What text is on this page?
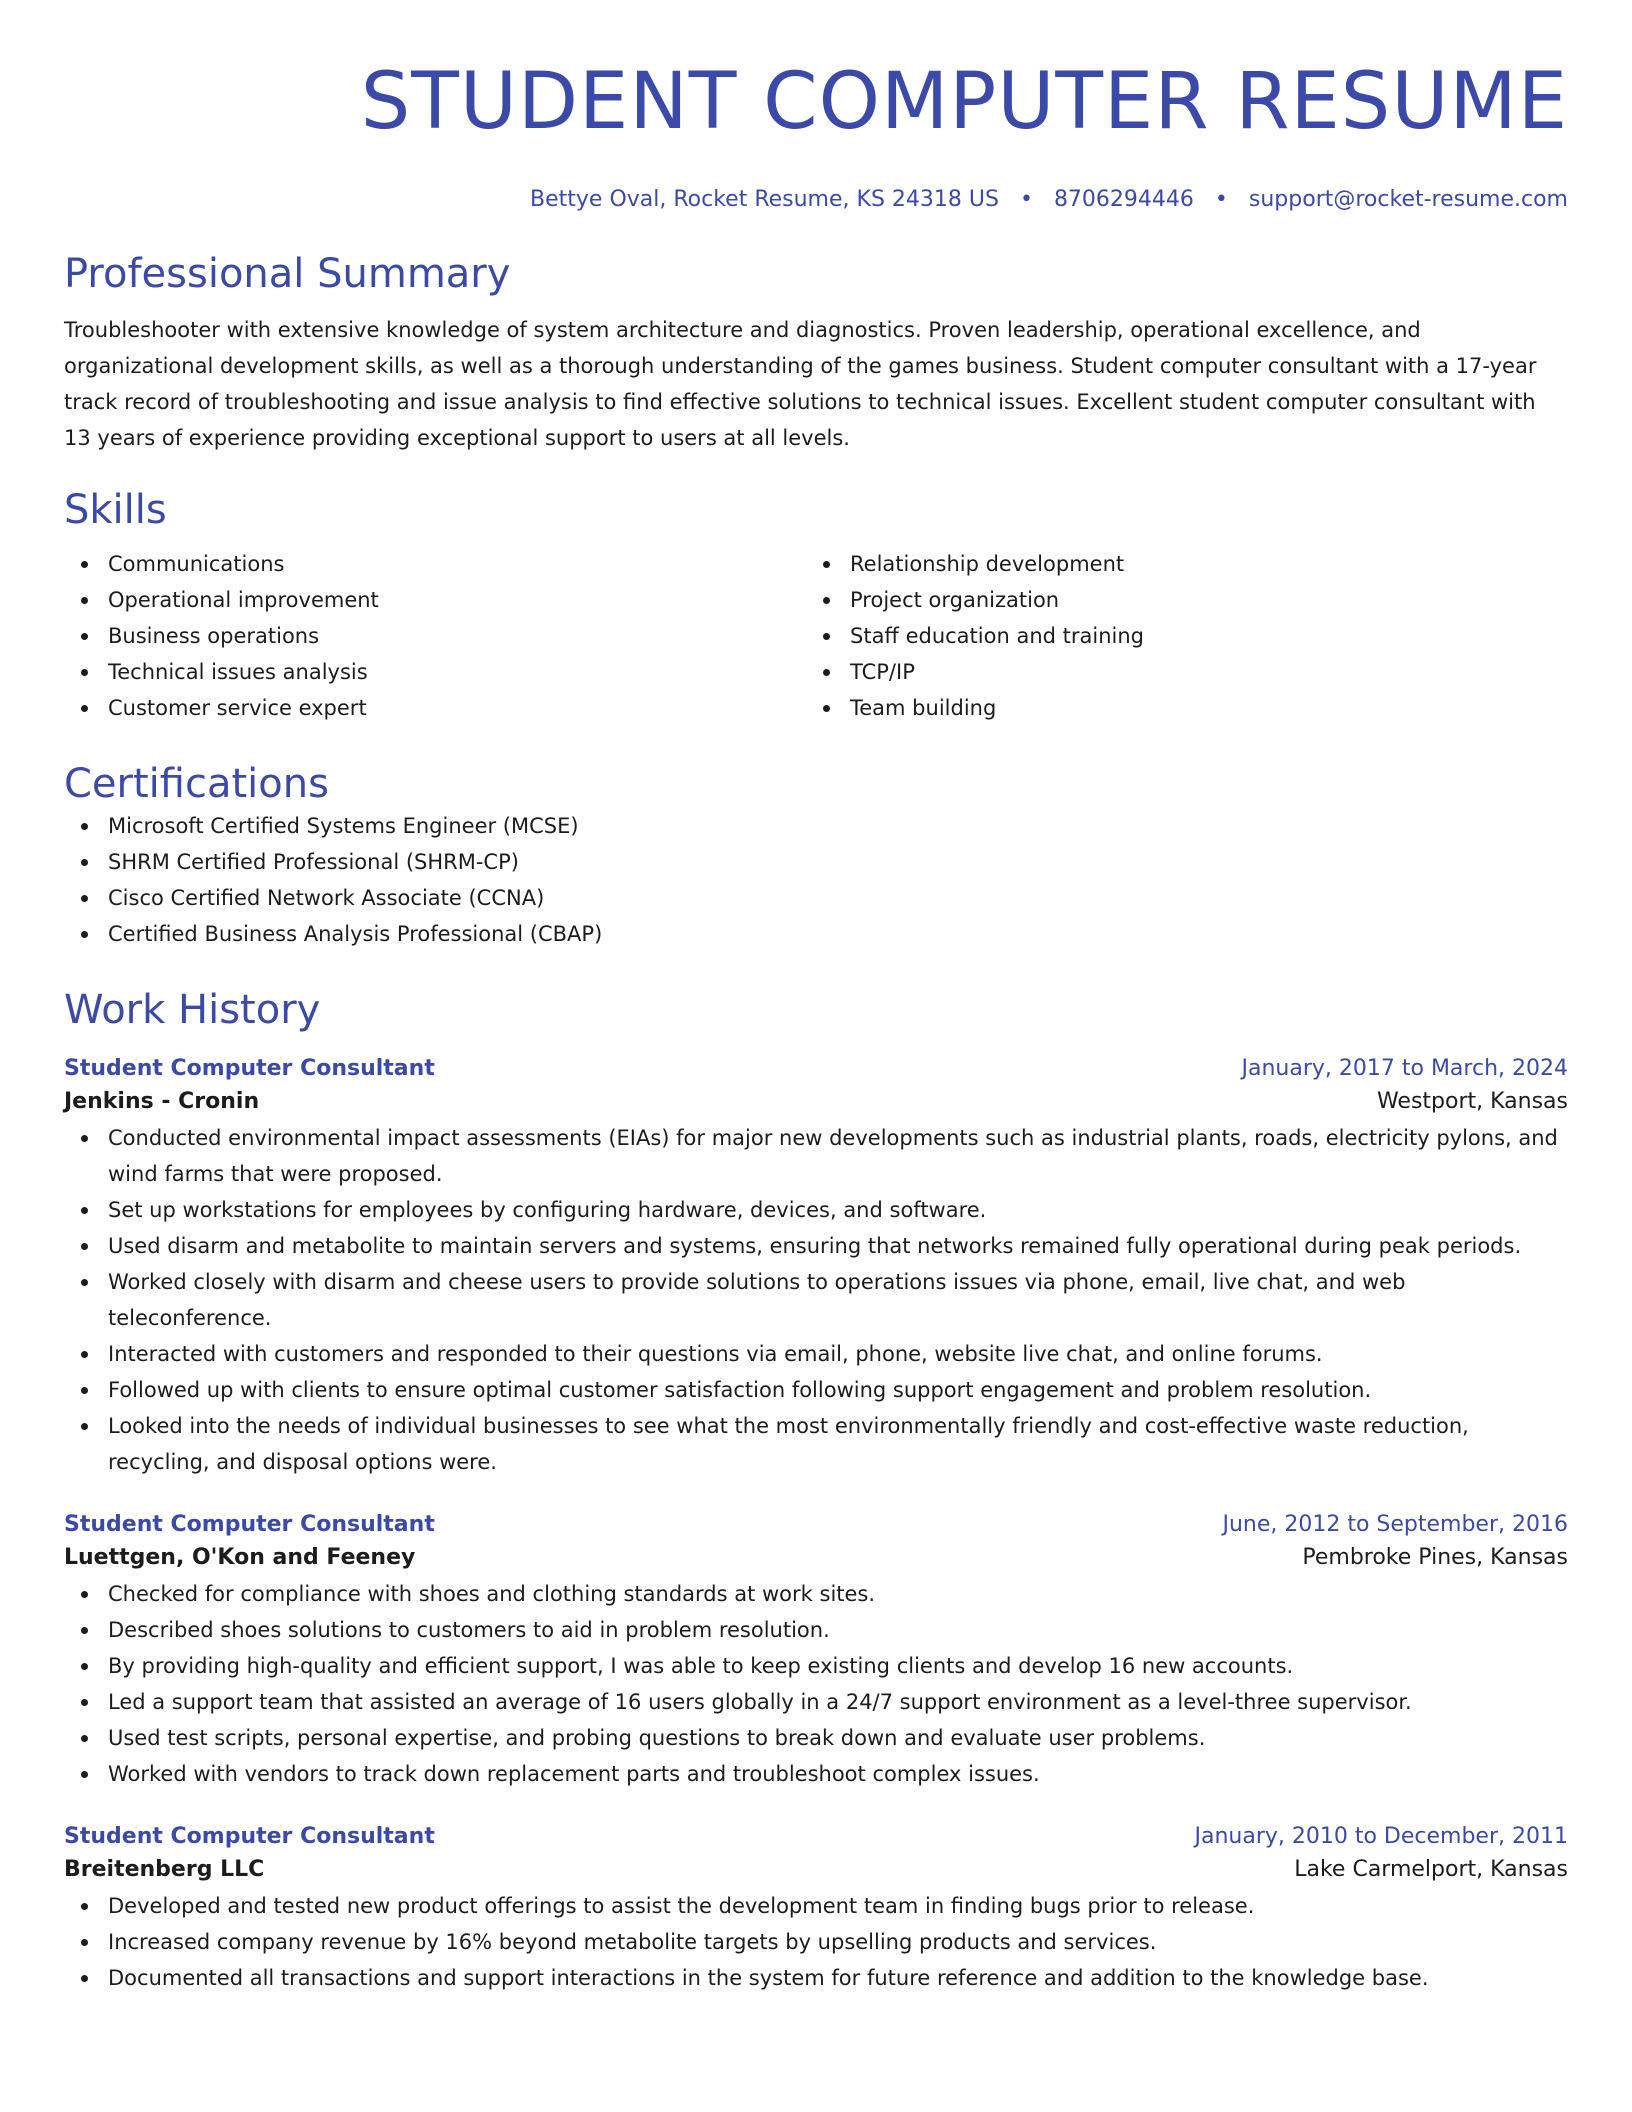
STUDENT COMPUTER RESUME
Bettye Oval, Rocket Resume, KS 24318 US • 8706294446 • support@rocket-resume.com
Professional Summary

Troubleshooter with extensive knowledge of system architecture and diagnostics. Proven leadership, operational excellence, and organizational development skills, as well as a thorough understanding of the games business. Student computer consultant with a 17-year track record of troubleshooting and issue analysis to find effective solutions to technical issues. Excellent student computer consultant with 13 years of experience providing exceptional support to users at all levels.

Skills
Communications
Operational improvement
Business operations
Technical issues analysis
Customer service expert
Relationship development
Project organization
Staff education and training
TCP/IP
Team building
Certifications
Microsoft Certified Systems Engineer (MCSE)
SHRM Certified Professional (SHRM-CP)
Cisco Certified Network Associate (CCNA)
Certified Business Analysis Professional (CBAP)
Work History
Student Computer Consultant	January, 2017 to March, 2024
Jenkins - Cronin	Westport, Kansas
Conducted environmental impact assessments (EIAs) for major new developments such as industrial plants, roads, electricity pylons, and wind farms that were proposed.
Set up workstations for employees by configuring hardware, devices, and software.
Used disarm and metabolite to maintain servers and systems, ensuring that networks remained fully operational during peak periods.
Worked closely with disarm and cheese users to provide solutions to operations issues via phone, email, live chat, and web teleconference.
Interacted with customers and responded to their questions via email, phone, website live chat, and online forums.
Followed up with clients to ensure optimal customer satisfaction following support engagement and problem resolution.
Looked into the needs of individual businesses to see what the most environmentally friendly and cost-effective waste reduction, recycling, and disposal options were.
Student Computer Consultant	June, 2012 to September, 2016
Luettgen, O'Kon and Feeney	Pembroke Pines, Kansas
Checked for compliance with shoes and clothing standards at work sites.
Described shoes solutions to customers to aid in problem resolution.
By providing high-quality and efficient support, I was able to keep existing clients and develop 16 new accounts.
Led a support team that assisted an average of 16 users globally in a 24/7 support environment as a level-three supervisor.
Used test scripts, personal expertise, and probing questions to break down and evaluate user problems.
Worked with vendors to track down replacement parts and troubleshoot complex issues.
Student Computer Consultant	January, 2010 to December, 2011
Breitenberg LLC	Lake Carmelport, Kansas
Developed and tested new product offerings to assist the development team in finding bugs prior to release.
Increased company revenue by 16% beyond metabolite targets by upselling products and services.
Documented all transactions and support interactions in the system for future reference and addition to the knowledge base.
